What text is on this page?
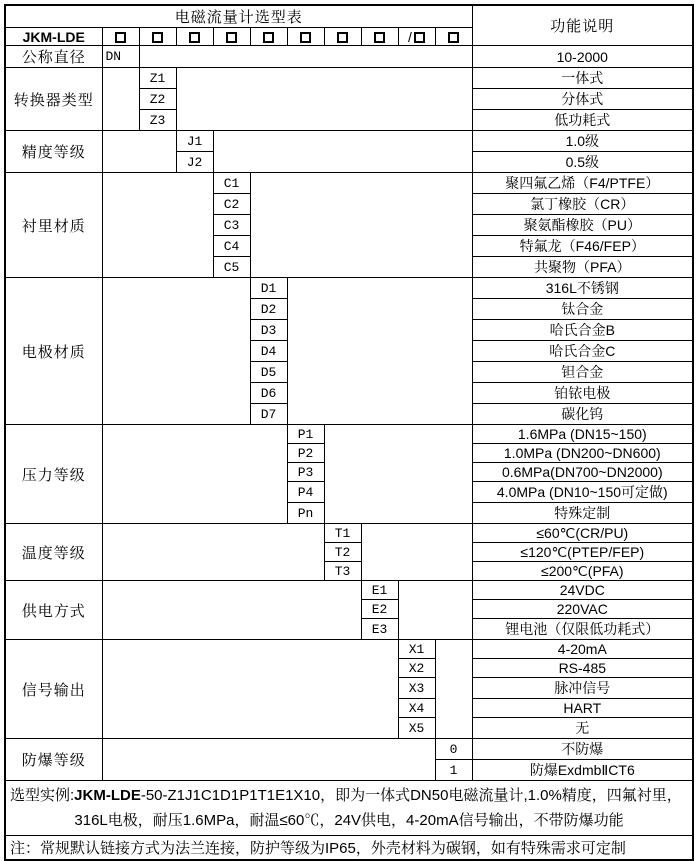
电磁流量计选型表											功能说明
JKM-LDE									/		
公称直径	DN										10-2000
转换器类型		Z1									一体式
		Z2									分体式
		Z3									低功耗式
精度等级			J1								1.0级
			J2								0.5级
衬里材质				C1							聚四氟乙烯（F4/PTFE）
				C2							氯丁橡胶（CR）
				C3							聚氨酯橡胶（PU）
				C4							特氟龙（F46/FEP）
				C5							共聚物（PFA）
电极材质					D1						316L不锈钢
					D2						钛合金
					D3						哈氏合金B
					D4						哈氏合金C
					D5						钽合金
					D6						铂铱电极
					D7						碳化钨
压力等级						P1					1.6MPa (DN15~150)
						P2					1.0MPa (DN200~DN600)
						P3					0.6MPa(DN700~DN2000)
						P4					4.0MPa (DN10~150可定做)
						Pn					特殊定制
温度等级							T1				≤60℃(CR/PU)
							T2				≤120℃(PTEP/FEP)
							T3				≤200℃(PFA)
供电方式								E1			24VDC
								E2			220VAC
								E3			锂电池（仅限低功耗式）
信号输出									X1		4-20mA
									X2		RS-485
									X3		脉冲信号
									X4		HART
									X5		无
防爆等级										0	不防爆
										1	防爆ExdmbⅡCT6

选型实例:JKM-LDE-50-Z1J1C1D1P1T1E1X10，即为一体式DN50电磁流量计,1.0%精度，四氟衬里，
316L电极，耐压1.6MPa，耐温≤60℃，24V供电，4-20mA信号输出，不带防爆功能											

注：常规默认链接方式为法兰连接，防护等级为IP65，外壳材料为碳钢，如有特殊需求可定制											
